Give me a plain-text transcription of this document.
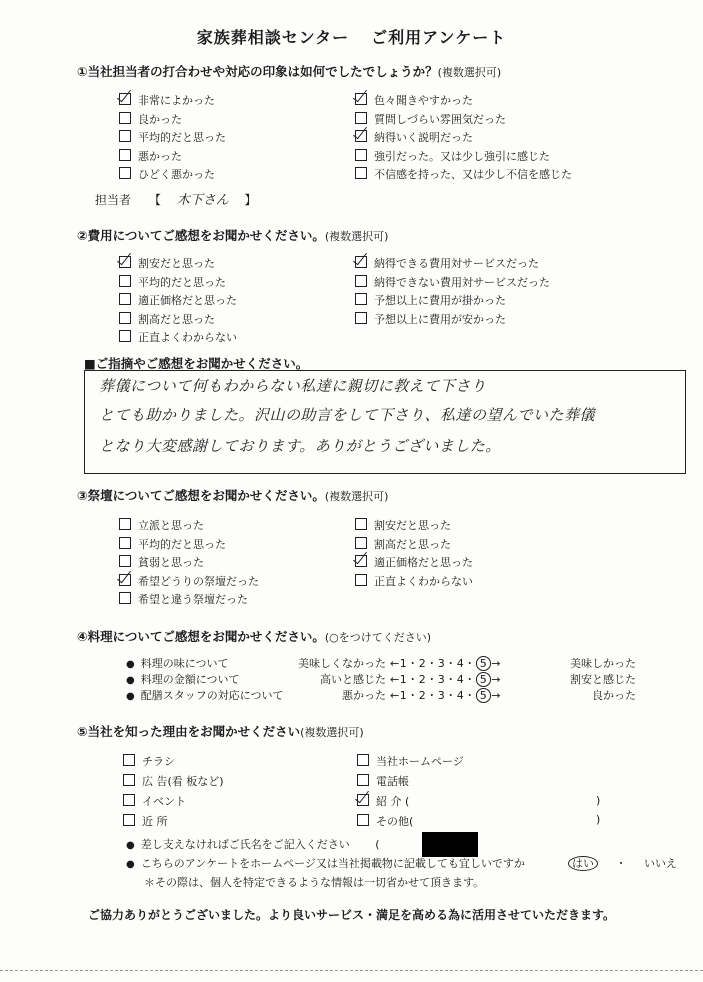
家族葬相談センター ご利用アンケート
①当社担当者の打合わせや対応の印象は如何でしたでしょうか？(複数選択可)
非常によかった
良かった
平均的だと思った
悪かった
ひどく悪かった
色々聞きやすかった
質問しづらい雰囲気だった
納得いく説明だった
強引だった。又は少し強引に感じた
不信感を持った、又は少し不信を感じた
担当者 【 木下さん 】
②費用についてご感想をお聞かせください。(複数選択可)
割安だと思った
平均的だと思った
適正価格だと思った
割高だと思った
正直よくわからない
納得できる費用対サービスだった
納得できない費用対サービスだった
予想以上に費用が掛かった
予想以上に費用が安かった
■ご指摘やご感想をお聞かせください。
葬儀について何もわからない私達に親切に教えて下さり
とても助かりました。沢山の助言をして下さり、私達の望んでいた葬儀
となり大変感謝しております。ありがとうございました。
③祭壇についてご感想をお聞かせください。(複数選択可)
立派と思った
平均的だと思った
貧弱と思った
希望どうりの祭壇だった
希望と違う祭壇だった
割安だと思った
割高だと思った
適正価格だと思った
正直よくわからない
④料理についてご感想をお聞かせください。(○をつけてください)
● 料理の味について	美味しくなかった ←1・2・3・4・ 5 →	美味しかった
● 料理の金額について	高いと感じた ←1・2・3・4・ 5 →	割安と感じた
● 配膳スタッフの対応について	悪かった ←1・2・3・4・ 5 →	良かった
⑤当社を知った理由をお聞かせください(複数選択可)
チラシ
広 告(看 板など)
イベント
近 所
当社ホームページ
電話帳
紹 介 (
その他(
)
)
● 差し支えなければご氏名をご記入ください (
● こちらのアンケートをホームページ又は当社掲載物に記載しても宜しいですか	はい ・ いいえ
＊その際は、個人を特定できるような情報は一切省かせて頂きます。
ご協力ありがとうございました。より良いサービス・満足を高める為に活用させていただきます。
